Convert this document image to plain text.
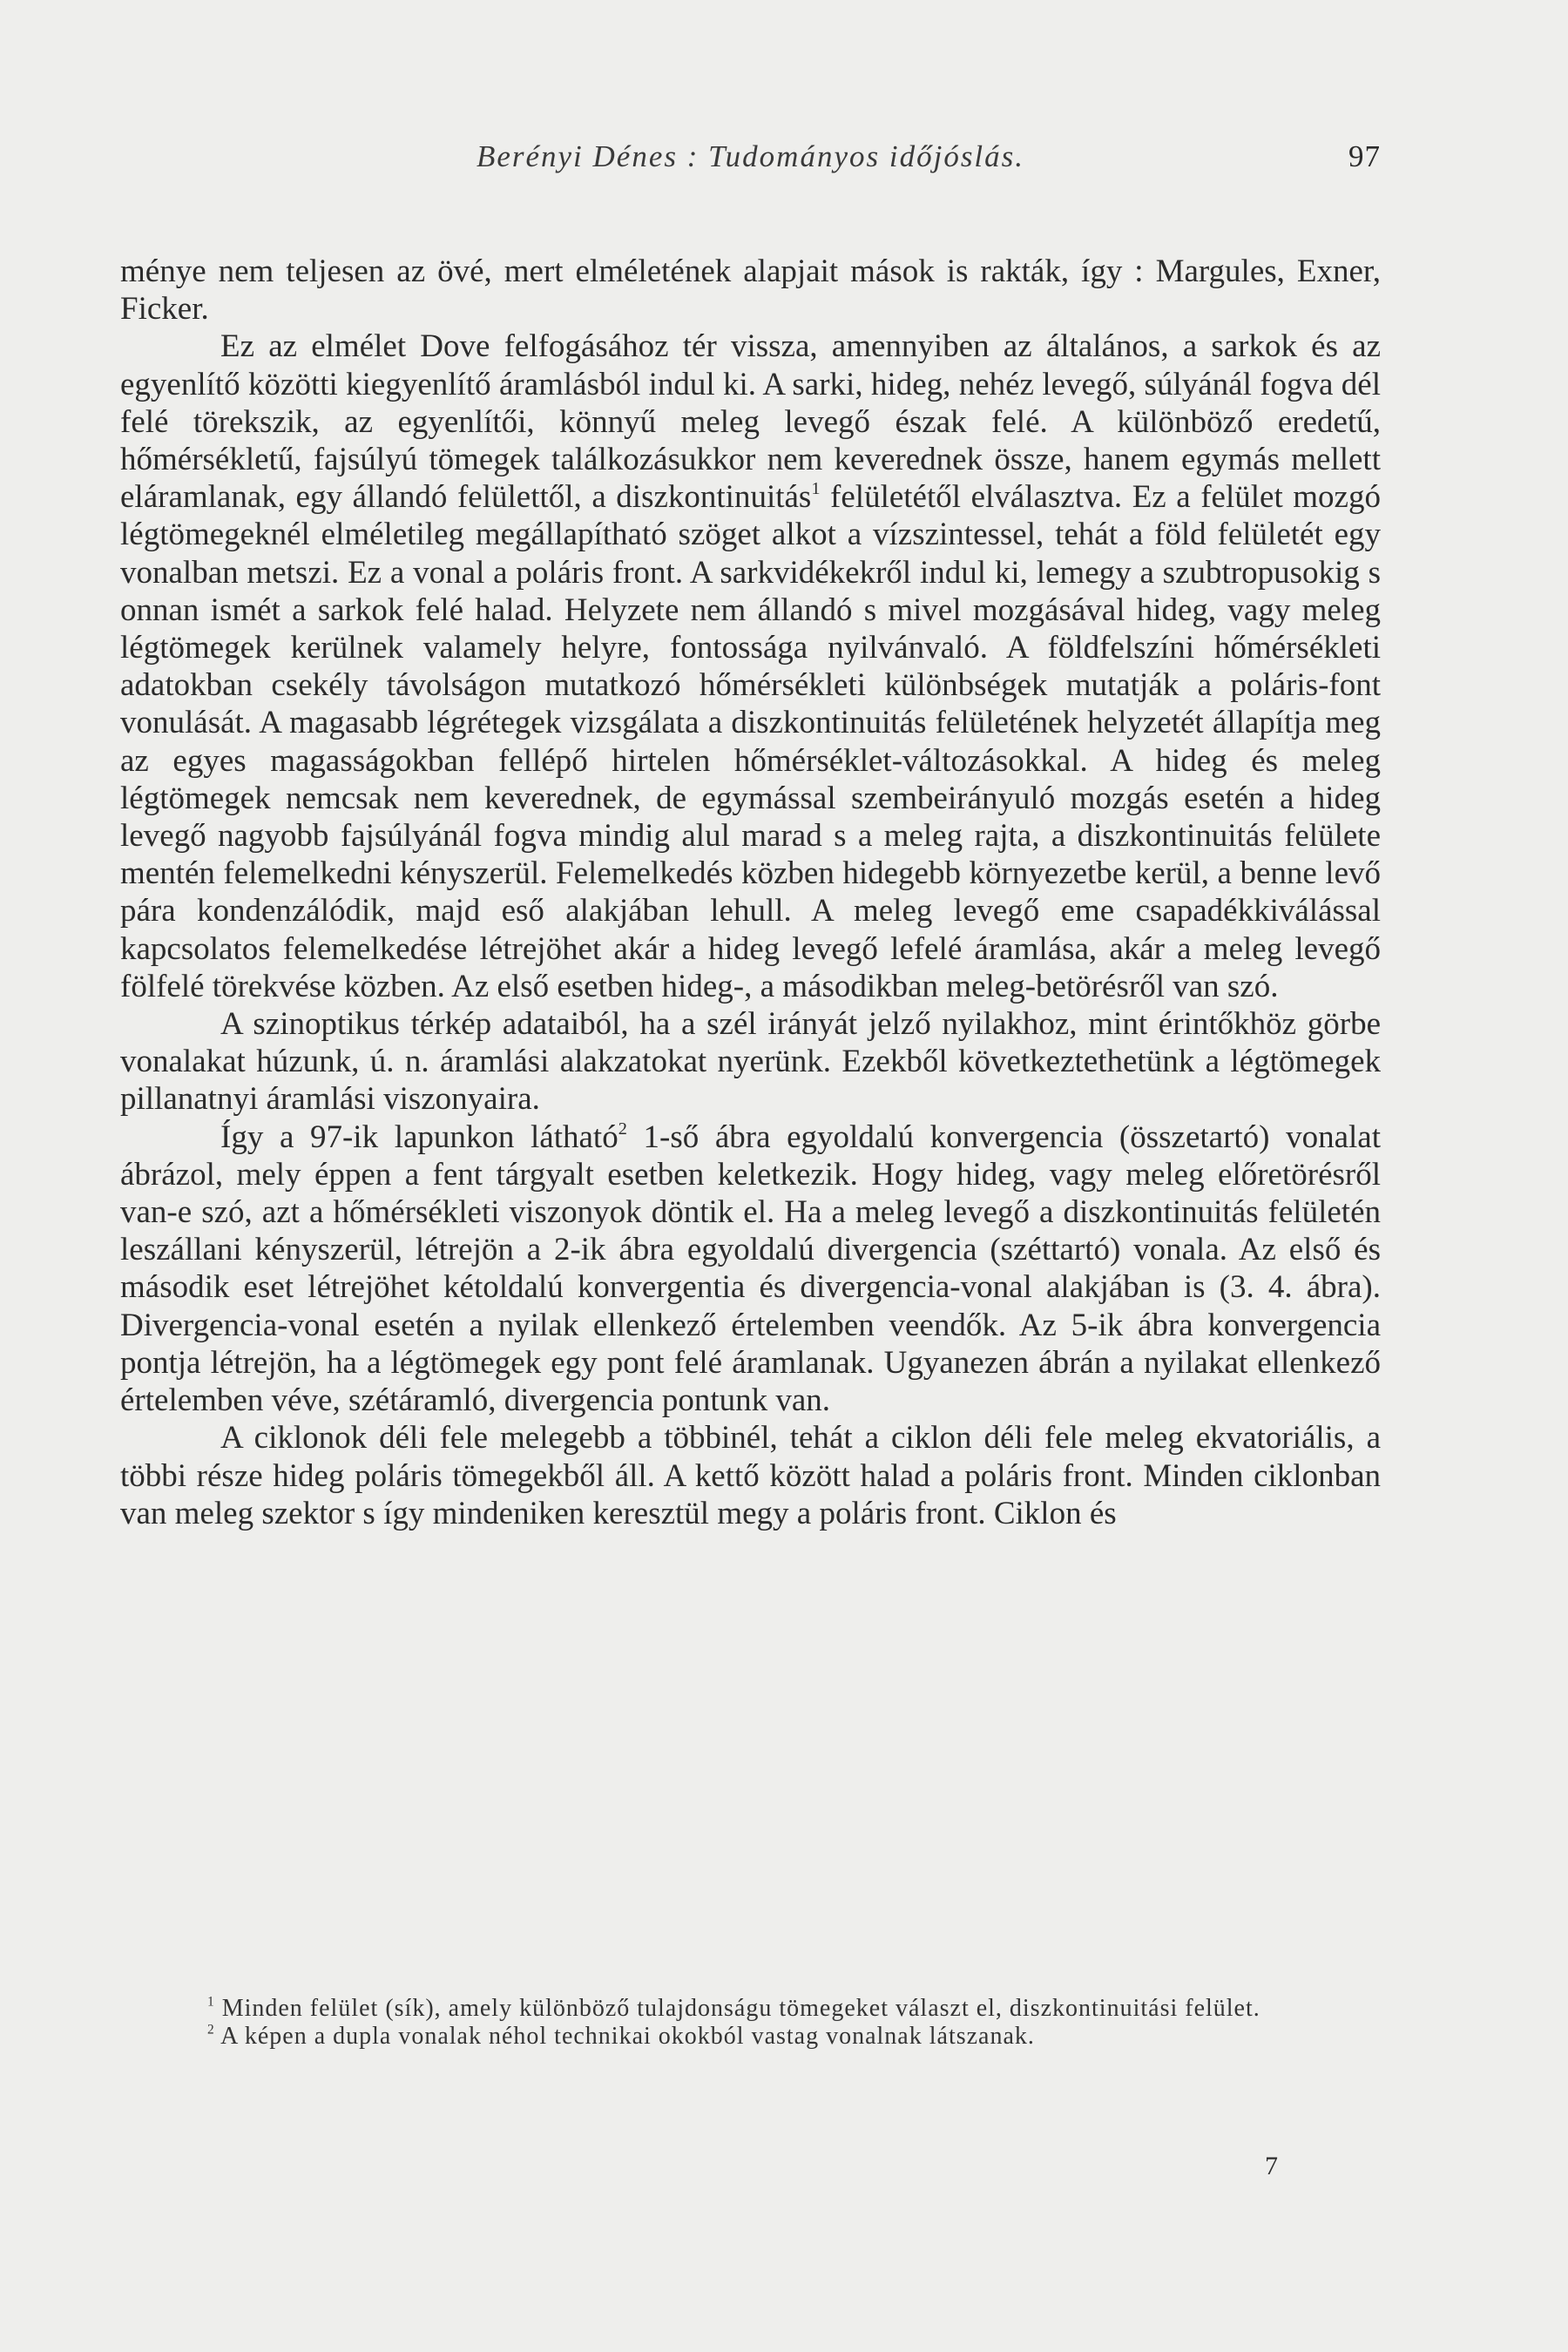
Berényi Dénes : Tudományos időjóslás.	97

ménye nem teljesen az övé, mert elméletének alapjait mások is rakták, így : Margules, Exner, Ficker.

Ez az elmélet Dove felfogásához tér vissza, amennyiben az általános, a sarkok és az egyenlítő közötti kiegyenlítő áramlásból indul ki. A sarki, hideg, nehéz levegő, súlyánál fogva dél felé törekszik, az egyenlítői, könnyű meleg levegő észak felé. A különböző eredetű, hőmérsékletű, fajsúlyú tömegek találkozásukkor nem keverednek össze, hanem egymás mellett eláramlanak, egy állandó felülettől, a diszkontinuitás$^1$ felületétől elválasztva. Ez a felület mozgó légtömegeknél elméletileg megállapítható szöget alkot a vízszintessel, tehát a föld felületét egy vonalban metszi. Ez a vonal a poláris front. A sarkvidékekről indul ki, lemegy a szubtropusokig s onnan ismét a sarkok felé halad. Helyzete nem állandó s mivel mozgásával hideg, vagy meleg légtömegek kerülnek valamely helyre, fontossága nyilvánvaló. A földfelszíni hőmérsékleti adatokban csekély távolságon mutatkozó hőmérsékleti különbségek mutatják a poláris-font vonulását. A magasabb légrétegek vizsgálata a diszkontinuitás felületének helyzetét állapítja meg az egyes magasságokban fellépő hirtelen hőmérséklet-változásokkal. A hideg és meleg légtömegek nemcsak nem keverednek, de egymással szembeirányuló mozgás esetén a hideg levegő nagyobb fajsúlyánál fogva mindig alul marad s a meleg rajta, a diszkontinuitás felülete mentén felemelkedni kényszerül. Felemelkedés közben hidegebb környezetbe kerül, a benne levő pára kondenzálódik, majd eső alakjában lehull. A meleg levegő eme csapadékkiválással kapcsolatos felemelkedése létrejöhet akár a hideg levegő lefelé áramlása, akár a meleg levegő fölfelé törekvése közben. Az első esetben hideg-, a másodikban meleg-betörésről van szó.

A szinoptikus térkép adataiból, ha a szél irányát jelző nyilakhoz, mint érintőkhöz görbe vonalakat húzunk, ú. n. áramlási alakzatokat nyerünk. Ezekből következtethetünk a légtömegek pillanatnyi áramlási viszonyaira.

Így a 97-ik lapunkon látható$^2$ 1-ső ábra egyoldalú konvergencia (összetartó) vonalat ábrázol, mely éppen a fent tárgyalt esetben keletkezik. Hogy hideg, vagy meleg előretörésről van-e szó, azt a hőmérsékleti viszonyok döntik el. Ha a meleg levegő a diszkontinuitás felületén leszállani kényszerül, létrejön a 2-ik ábra egyoldalú divergencia (széttartó) vonala. Az első és második eset létrejöhet kétoldalú konvergentia és divergencia-vonal alakjában is (3. 4. ábra). Divergencia-vonal esetén a nyilak ellenkező értelemben veendők. Az 5-ik ábra konvergencia pontja létrejön, ha a légtömegek egy pont felé áramlanak. Ugyanezen ábrán a nyilakat ellenkező értelemben véve, szétáramló, divergencia pontunk van.

A ciklonok déli fele melegebb a többinél, tehát a ciklon déli fele meleg ekvatoriális, a többi része hideg poláris tömegekből áll. A kettő között halad a poláris front. Minden ciklonban van meleg szektor s így mindeniken keresztül megy a poláris front. Ciklon és

$^1$ Minden felület (sík), amely különböző tulajdonságu tömegeket választ el, diszkontinuitási felület.

$^2$ A képen a dupla vonalak néhol technikai okokból vastag vonalnak látszanak.

7
